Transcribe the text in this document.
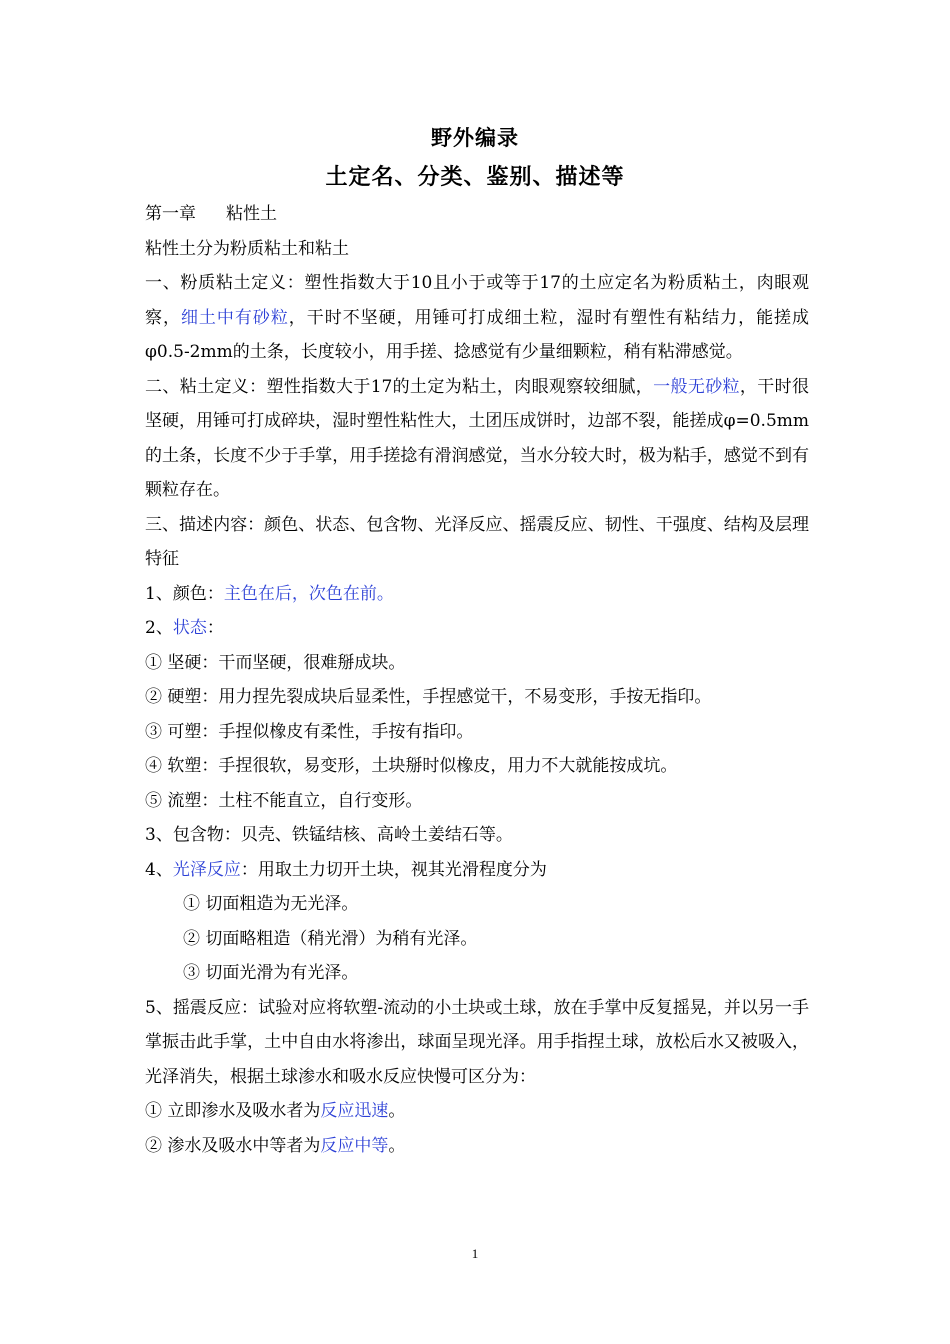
野外编录
土定名、分类、鉴别、描述等

第一章 粘性土

粘性土分为粉质粘土和粘土

一、粉质粘土定义：塑性指数大于10且小于或等于17的土应定名为粉质粘土，肉眼观察，细土中有砂粒，干时不坚硬，用锤可打成细土粒，湿时有塑性有粘结力，能搓成 φ0.5-2mm的土条，长度较小，用手搓、捻感觉有少量细颗粒，稍有粘滞感觉。

二、粘土定义：塑性指数大于17的土定为粘土，肉眼观察较细腻，一般无砂粒，干时很坚硬，用锤可打成碎块，湿时塑性粘性大，土团压成饼时，边部不裂，能搓成φ=0.5mm的土条，长度不少于手掌，用手搓捻有滑润感觉，当水分较大时，极为粘手，感觉不到有颗粒存在。

三、描述内容：颜色、状态、包含物、光泽反应、摇震反应、韧性、干强度、结构及层理特征

1、颜色：主色在后，次色在前。

2、状态：

① 坚硬：干而坚硬，很难掰成块。

② 硬塑：用力捏先裂成块后显柔性，手捏感觉干，不易变形，手按无指印。

③ 可塑：手捏似橡皮有柔性，手按有指印。

④ 软塑：手捏很软，易变形，土块掰时似橡皮，用力不大就能按成坑。

⑤ 流塑：土柱不能直立，自行变形。

3、包含物：贝壳、铁锰结核、高岭土姜结石等。

4、光泽反应：用取土力切开土块，视其光滑程度分为

① 切面粗造为无光泽。

② 切面略粗造（稍光滑）为稍有光泽。

③ 切面光滑为有光泽。

5、摇震反应：试验对应将软塑-流动的小土块或土球，放在手掌中反复摇晃，并以另一手掌振击此手掌，土中自由水将渗出，球面呈现光泽。用手指捏土球，放松后水又被吸入，光泽消失，根据土球渗水和吸水反应快慢可区分为：

① 立即渗水及吸水者为反应迅速。

② 渗水及吸水中等者为反应中等。

1
